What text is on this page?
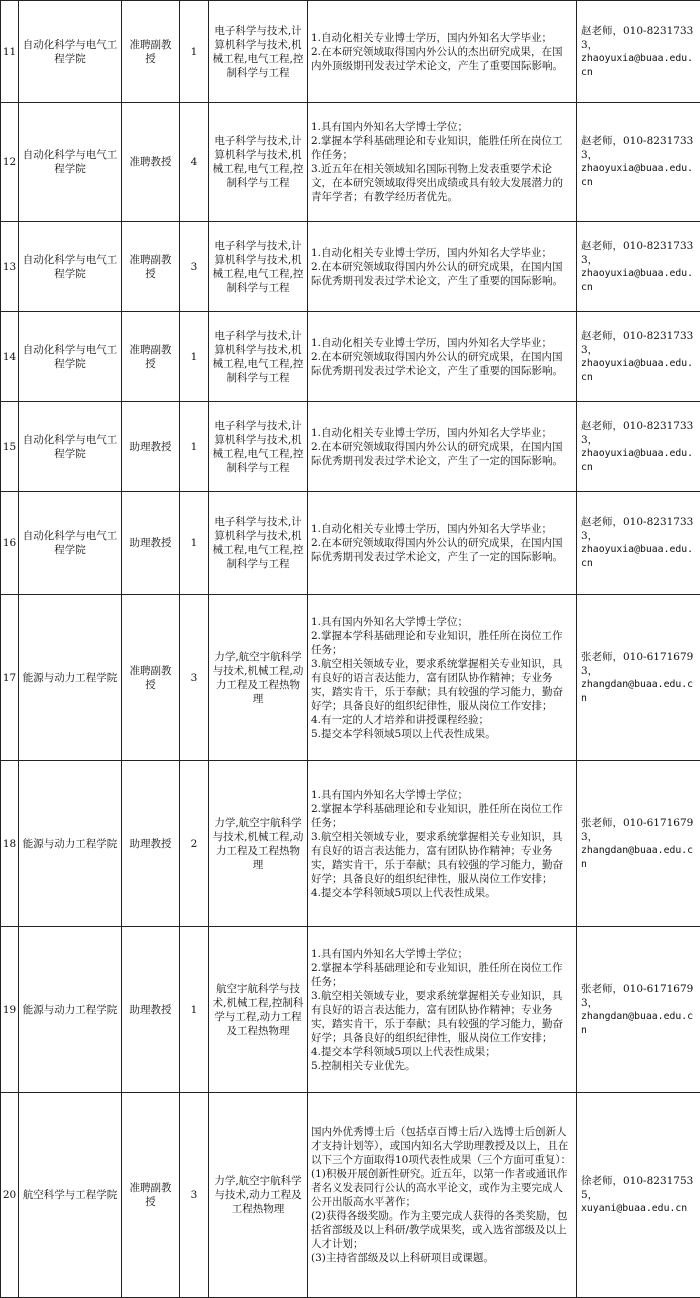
11	自动化科学与电气工程学院	准聘副教授	1	电子科学与技术,计算机科学与技术,机械工程,电气工程,控制科学与工程	1.自动化相关专业博士学历，国内外知名大学毕业；
2.在本研究领域取得国内外公认的杰出研究成果，在国内外顶级期刊发表过学术论文，产生了重要国际影响。	赵老师，010-82317333，
zhaoyuxia@buaa.edu.cn

12	自动化科学与电气工程学院	准聘教授	4	电子科学与技术,计算机科学与技术,机械工程,电气工程,控制科学与工程	1.具有国内外知名大学博士学位；
2.掌握本学科基础理论和专业知识，能胜任所在岗位工作任务；
3.近五年在相关领域知名国际刊物上发表重要学术论文，在本研究领域取得突出成绩或具有较大发展潜力的青年学者；有教学经历者优先。	赵老师，010-82317333，
zhaoyuxia@buaa.edu.cn

13	自动化科学与电气工程学院	准聘副教授	3	电子科学与技术,计算机科学与技术,机械工程,电气工程,控制科学与工程	1.自动化相关专业博士学历，国内外知名大学毕业；
2.在本研究领域取得国内外公认的研究成果，在国内国际优秀期刊发表过学术论文，产生了重要的国际影响。	赵老师，010-82317333，
zhaoyuxia@buaa.edu.cn

14	自动化科学与电气工程学院	准聘副教授	1	电子科学与技术,计算机科学与技术,机械工程,电气工程,控制科学与工程	1.自动化相关专业博士学历，国内外知名大学毕业；
2.在本研究领域取得国内外公认的研究成果，在国内国际优秀期刊发表过学术论文，产生了重要的国际影响。	赵老师，010-82317333，
zhaoyuxia@buaa.edu.cn

15	自动化科学与电气工程学院	助理教授	1	电子科学与技术,计算机科学与技术,机械工程,电气工程,控制科学与工程	1.自动化相关专业博士学历，国内外知名大学毕业；
2.在本研究领域取得国内外公认的研究成果，在国内国际优秀期刊发表过学术论文，产生了一定的国际影响。	赵老师，010-82317333，
zhaoyuxia@buaa.edu.cn

16	自动化科学与电气工程学院	助理教授	1	电子科学与技术,计算机科学与技术,机械工程,电气工程,控制科学与工程	1.自动化相关专业博士学历，国内外知名大学毕业；
2.在本研究领域取得国内外公认的研究成果，在国内国际优秀期刊发表过学术论文，产生了一定的国际影响。	赵老师，010-82317333，
zhaoyuxia@buaa.edu.cn

17	能源与动力工程学院	准聘副教授	3	力学,航空宇航科学与技术,机械工程,动力工程及工程热物理	1.具有国内外知名大学博士学位；
2.掌握本学科基础理论和专业知识，胜任所在岗位工作任务；
3.航空相关领域专业，要求系统掌握相关专业知识，具有良好的语言表达能力，富有团队协作精神；专业务实，踏实肯干，乐于奉献；具有较强的学习能力，勤奋好学；具备良好的组织纪律性，服从岗位工作安排；
4.有一定的人才培养和讲授课程经验；
5.提交本学科领域5项以上代表性成果。	张老师，010-61716793，
zhangdan@buaa.edu.cn

18	能源与动力工程学院	助理教授	2	力学,航空宇航科学与技术,机械工程,动力工程及工程热物理	1.具有国内外知名大学博士学位；
2.掌握本学科基础理论和专业知识，胜任所在岗位工作任务；
3.航空相关领域专业，要求系统掌握相关专业知识，具有良好的语言表达能力，富有团队协作精神；专业务实，踏实肯干，乐于奉献；具有较强的学习能力，勤奋好学；具备良好的组织纪律性，服从岗位工作安排；
4.提交本学科领域5项以上代表性成果。	张老师，010-61716793，
zhangdan@buaa.edu.cn

19	能源与动力工程学院	助理教授	1	航空宇航科学与技术,机械工程,控制科学与工程,动力工程及工程热物理	1.具有国内外知名大学博士学位；
2.掌握本学科基础理论和专业知识，胜任所在岗位工作任务；
3.航空相关领域专业，要求系统掌握相关专业知识，具有良好的语言表达能力，富有团队协作精神；专业务实，踏实肯干，乐于奉献；具有较强的学习能力，勤奋好学；具备良好的组织纪律性，服从岗位工作安排；
4.提交本学科领域5项以上代表性成果；
5.控制相关专业优先。	张老师，010-61716793，
zhangdan@buaa.edu.cn

20	航空科学与工程学院	准聘副教授	3	力学,航空宇航科学与技术,动力工程及工程热物理	国内外优秀博士后（包括卓百博士后/入选博士后创新人才支持计划等），或国内知名大学助理教授及以上，且在以下三个方面取得10项代表性成果（三个方面可重复）：
(1)积极开展创新性研究。近五年，以第一作者或通讯作者名义发表同行公认的高水平论文，或作为主要完成人公开出版高水平著作；
(2)获得各级奖励。作为主要完成人获得的各类奖励，包括省部级及以上科研/教学成果奖，或入选省部级及以上人才计划；
(3)主持省部级及以上科研项目或课题。	徐老师，010-82317535，
xuyani@buaa.edu.cn
